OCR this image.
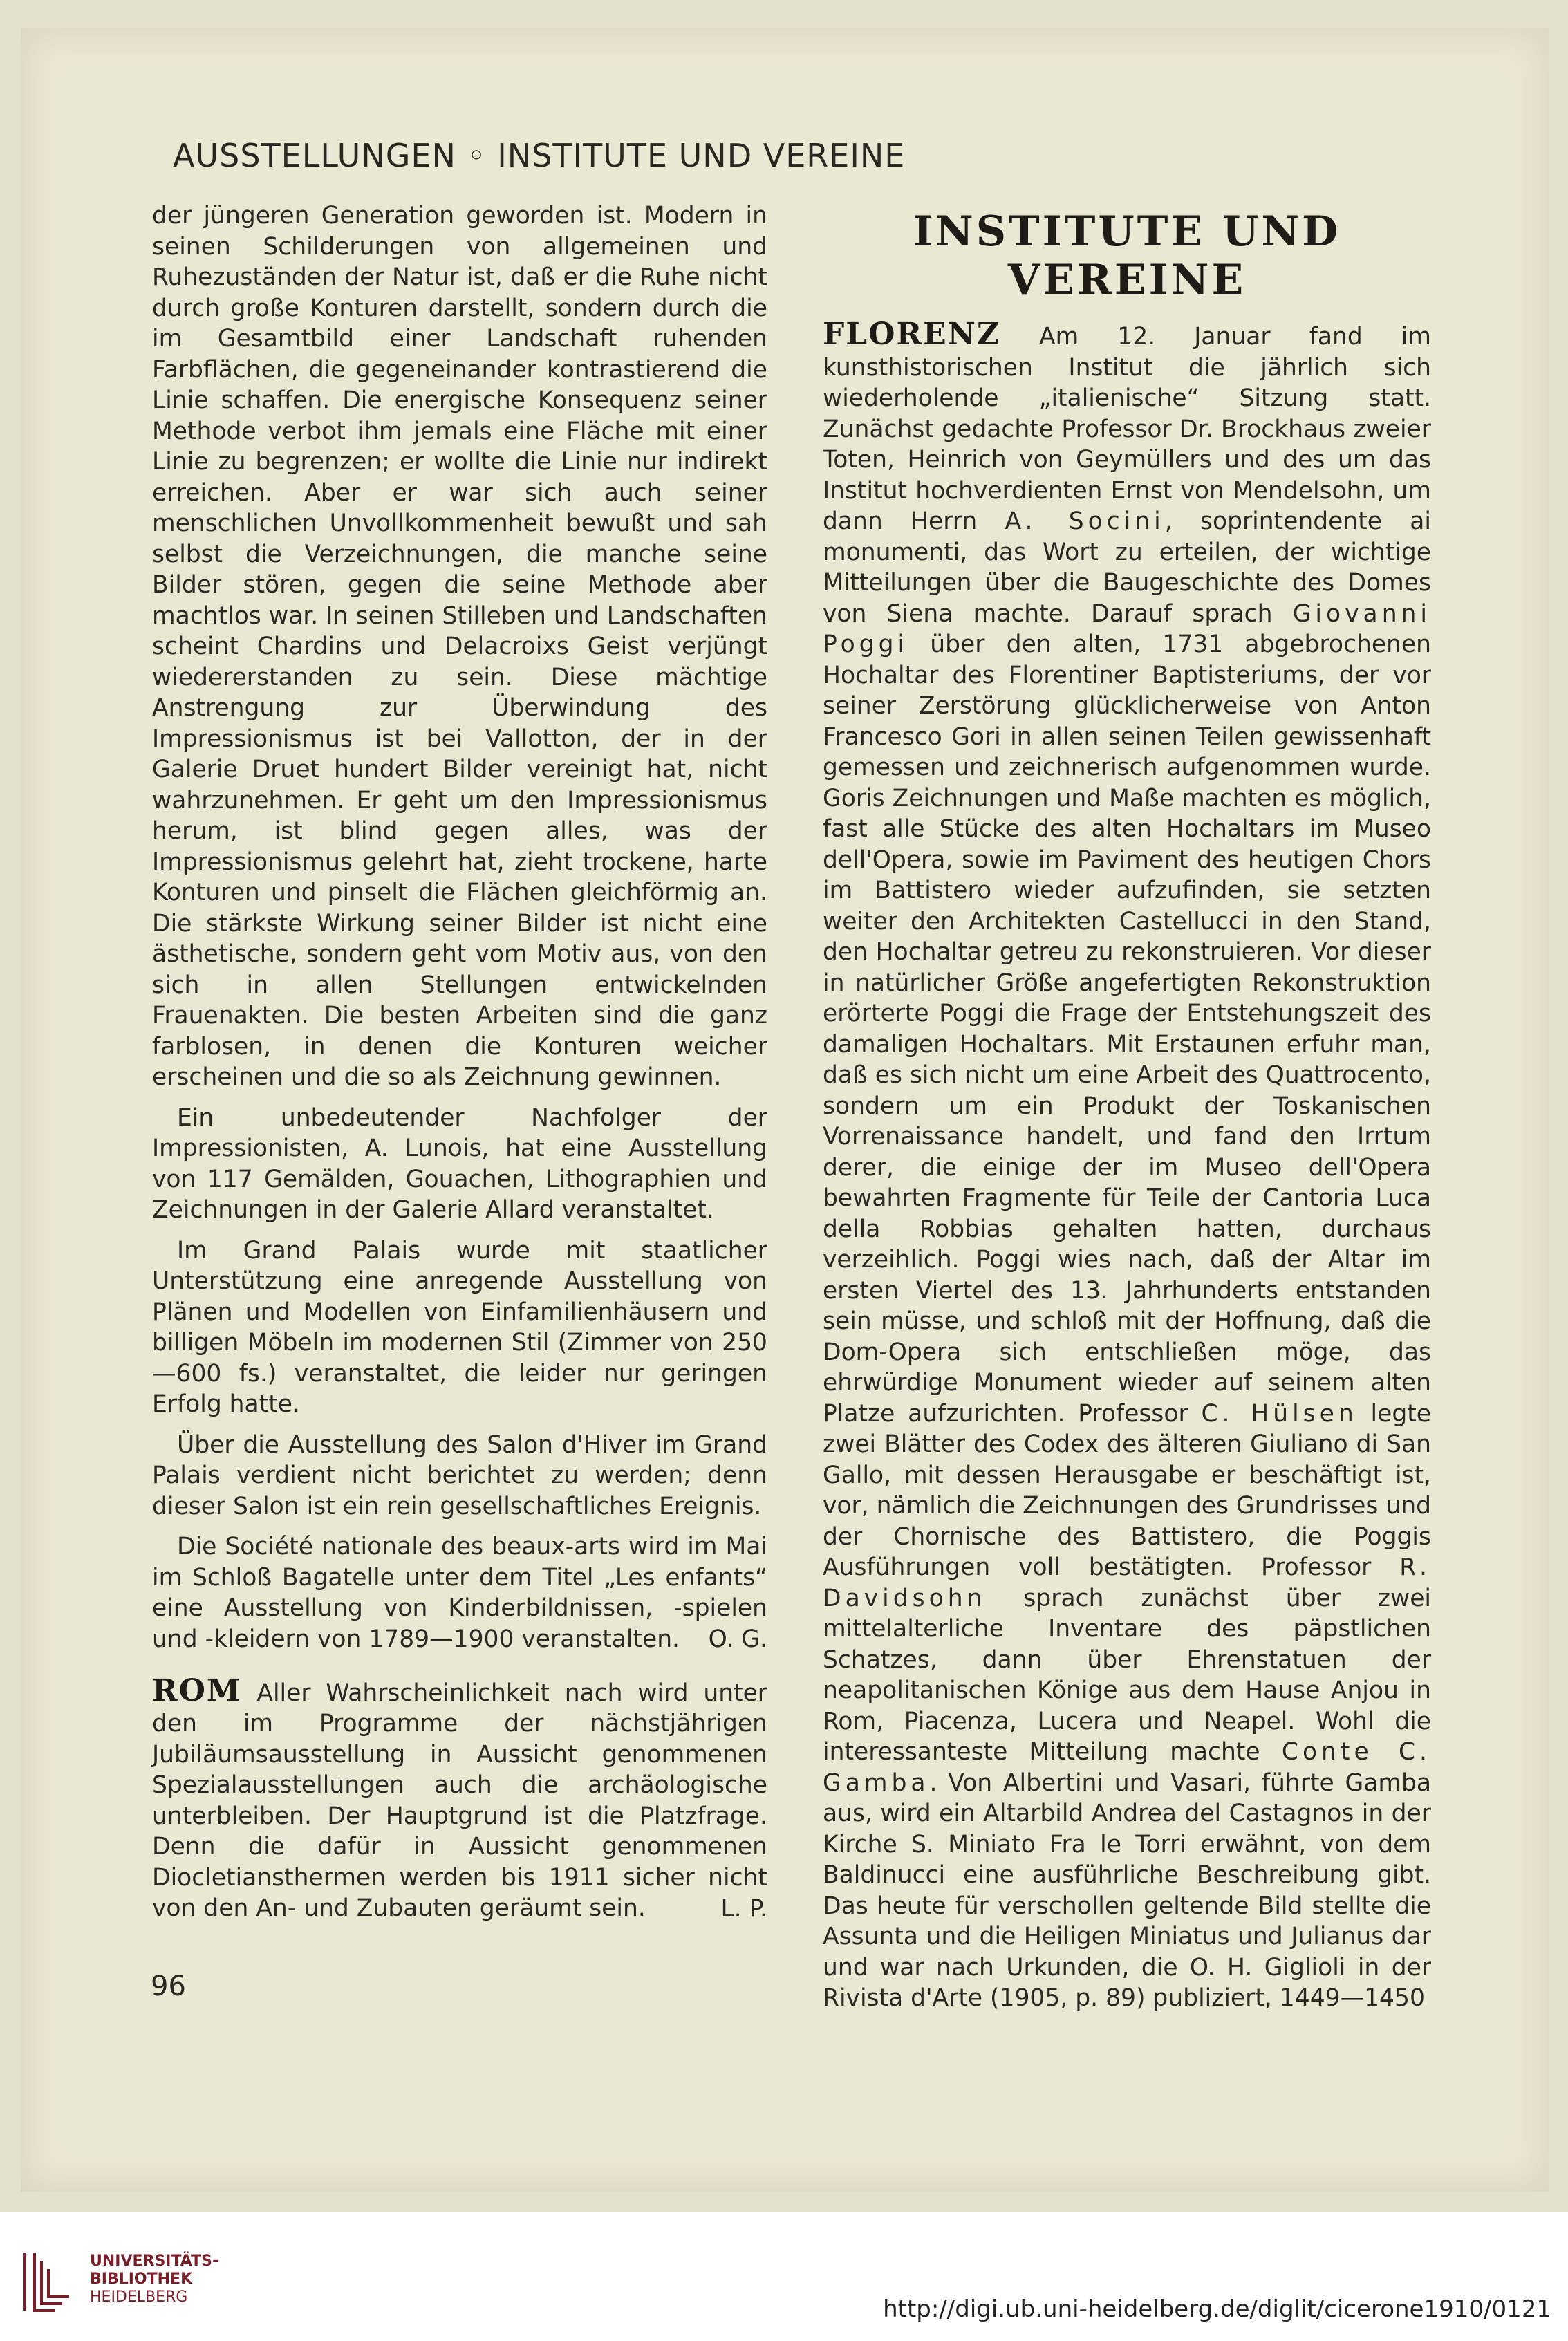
AUSSTELLUNGEN ◦ INSTITUTE UND VEREINE

der jüngeren Generation geworden ist. Modern in seinen Schilderungen von allgemeinen und Ruhezuständen der Natur ist, daß er die Ruhe nicht durch große Konturen darstellt, sondern durch die im Gesamtbild einer Landschaft ruhenden Farbflächen, die gegeneinander kontrastierend die Linie schaffen. Die energische Konsequenz seiner Methode verbot ihm jemals eine Fläche mit einer Linie zu begrenzen; er wollte die Linie nur indirekt erreichen. Aber er war sich auch seiner menschlichen Unvollkommenheit bewußt und sah selbst die Verzeichnungen, die manche seine Bilder stören, gegen die seine Methode aber machtlos war. In seinen Stilleben und Landschaften scheint Chardins und Delacroixs Geist verjüngt wiedererstanden zu sein. Diese mächtige Anstrengung zur Überwindung des Impressionismus ist bei Vallotton, der in der Galerie Druet hundert Bilder vereinigt hat, nicht wahrzunehmen. Er geht um den Impressionismus herum, ist blind gegen alles, was der Impressionismus gelehrt hat, zieht trockene, harte Konturen und pinselt die Flächen gleichförmig an. Die stärkste Wirkung seiner Bilder ist nicht eine ästhetische, sondern geht vom Motiv aus, von den sich in allen Stellungen entwickelnden Frauenakten. Die besten Arbeiten sind die ganz farblosen, in denen die Konturen weicher erscheinen und die so als Zeichnung gewinnen.

Ein unbedeutender Nachfolger der Impressionisten, A. Lunois, hat eine Ausstellung von 117 Gemälden, Gouachen, Lithographien und Zeichnungen in der Galerie Allard veranstaltet.

Im Grand Palais wurde mit staatlicher Unterstützung eine anregende Ausstellung von Plänen und Modellen von Einfamilienhäusern und billigen Möbeln im modernen Stil (Zimmer von 250—600 fs.) veranstaltet, die leider nur geringen Erfolg hatte.

Über die Ausstellung des Salon d'Hiver im Grand Palais verdient nicht berichtet zu werden; denn dieser Salon ist ein rein gesellschaftliches Ereignis.

Die Société nationale des beaux-arts wird im Mai im Schloß Bagatelle unter dem Titel „Les enfants“ eine Ausstellung von Kinderbildnissen, -spielen und -kleidern von 1789—1900 veranstalten.	O. G.

ROM Aller Wahrscheinlichkeit nach wird unter den im Programme der nächstjährigen Jubiläumsausstellung in Aussicht genommenen Spezialausstellungen auch die archäologische unterbleiben. Der Hauptgrund ist die Platzfrage. Denn die dafür in Aussicht genommenen Diocletiansthermen werden bis 1911 sicher nicht von den An- und Zubauten geräumt sein.	L. P.

INSTITUTE UND VEREINE

FLORENZ Am 12. Januar fand im kunsthistorischen Institut die jährlich sich wiederholende „italienische“ Sitzung statt. Zunächst gedachte Professor Dr. Brockhaus zweier Toten, Heinrich von Geymüllers und des um das Institut hochverdienten Ernst von Mendelsohn, um dann Herrn A. Socini, soprintendente ai monumenti, das Wort zu erteilen, der wichtige Mitteilungen über die Baugeschichte des Domes von Siena machte. Darauf sprach Giovanni Poggi über den alten, 1731 abgebrochenen Hochaltar des Florentiner Baptisteriums, der vor seiner Zerstörung glücklicherweise von Anton Francesco Gori in allen seinen Teilen gewissenhaft gemessen und zeichnerisch aufgenommen wurde. Goris Zeichnungen und Maße machten es möglich, fast alle Stücke des alten Hochaltars im Museo dell'Opera, sowie im Paviment des heutigen Chors im Battistero wieder aufzufinden, sie setzten weiter den Architekten Castellucci in den Stand, den Hochaltar getreu zu rekonstruieren. Vor dieser in natürlicher Größe angefertigten Rekonstruktion erörterte Poggi die Frage der Entstehungszeit des damaligen Hochaltars. Mit Erstaunen erfuhr man, daß es sich nicht um eine Arbeit des Quattrocento, sondern um ein Produkt der Toskanischen Vorrenaissance handelt, und fand den Irrtum derer, die einige der im Museo dell'Opera bewahrten Fragmente für Teile der Cantoria Luca della Robbias gehalten hatten, durchaus verzeihlich. Poggi wies nach, daß der Altar im ersten Viertel des 13. Jahrhunderts entstanden sein müsse, und schloß mit der Hoffnung, daß die Dom-Opera sich entschließen möge, das ehrwürdige Monument wieder auf seinem alten Platze aufzurichten. Professor C. Hülsen legte zwei Blätter des Codex des älteren Giuliano di San Gallo, mit dessen Herausgabe er beschäftigt ist, vor, nämlich die Zeichnungen des Grundrisses und der Chornische des Battistero, die Poggis Ausführungen voll bestätigten. Professor R. Davidsohn sprach zunächst über zwei mittelalterliche Inventare des päpstlichen Schatzes, dann über Ehrenstatuen der neapolitanischen Könige aus dem Hause Anjou in Rom, Piacenza, Lucera und Neapel. Wohl die interessanteste Mitteilung machte Conte C. Gamba. Von Albertini und Vasari, führte Gamba aus, wird ein Altarbild Andrea del Castagnos in der Kirche S. Miniato Fra le Torri erwähnt, von dem Baldinucci eine ausführliche Beschreibung gibt. Das heute für verschollen geltende Bild stellte die Assunta und die Heiligen Miniatus und Julianus dar und war nach Urkunden, die O. H. Giglioli in der Rivista d'Arte (1905, p. 89) publiziert, 1449—1450

96
UNIVERSITÄTS-
BIBLIOTHEK
HEIDELBERG	http://digi.ub.uni-heidelberg.de/diglit/cicerone1910/0121
